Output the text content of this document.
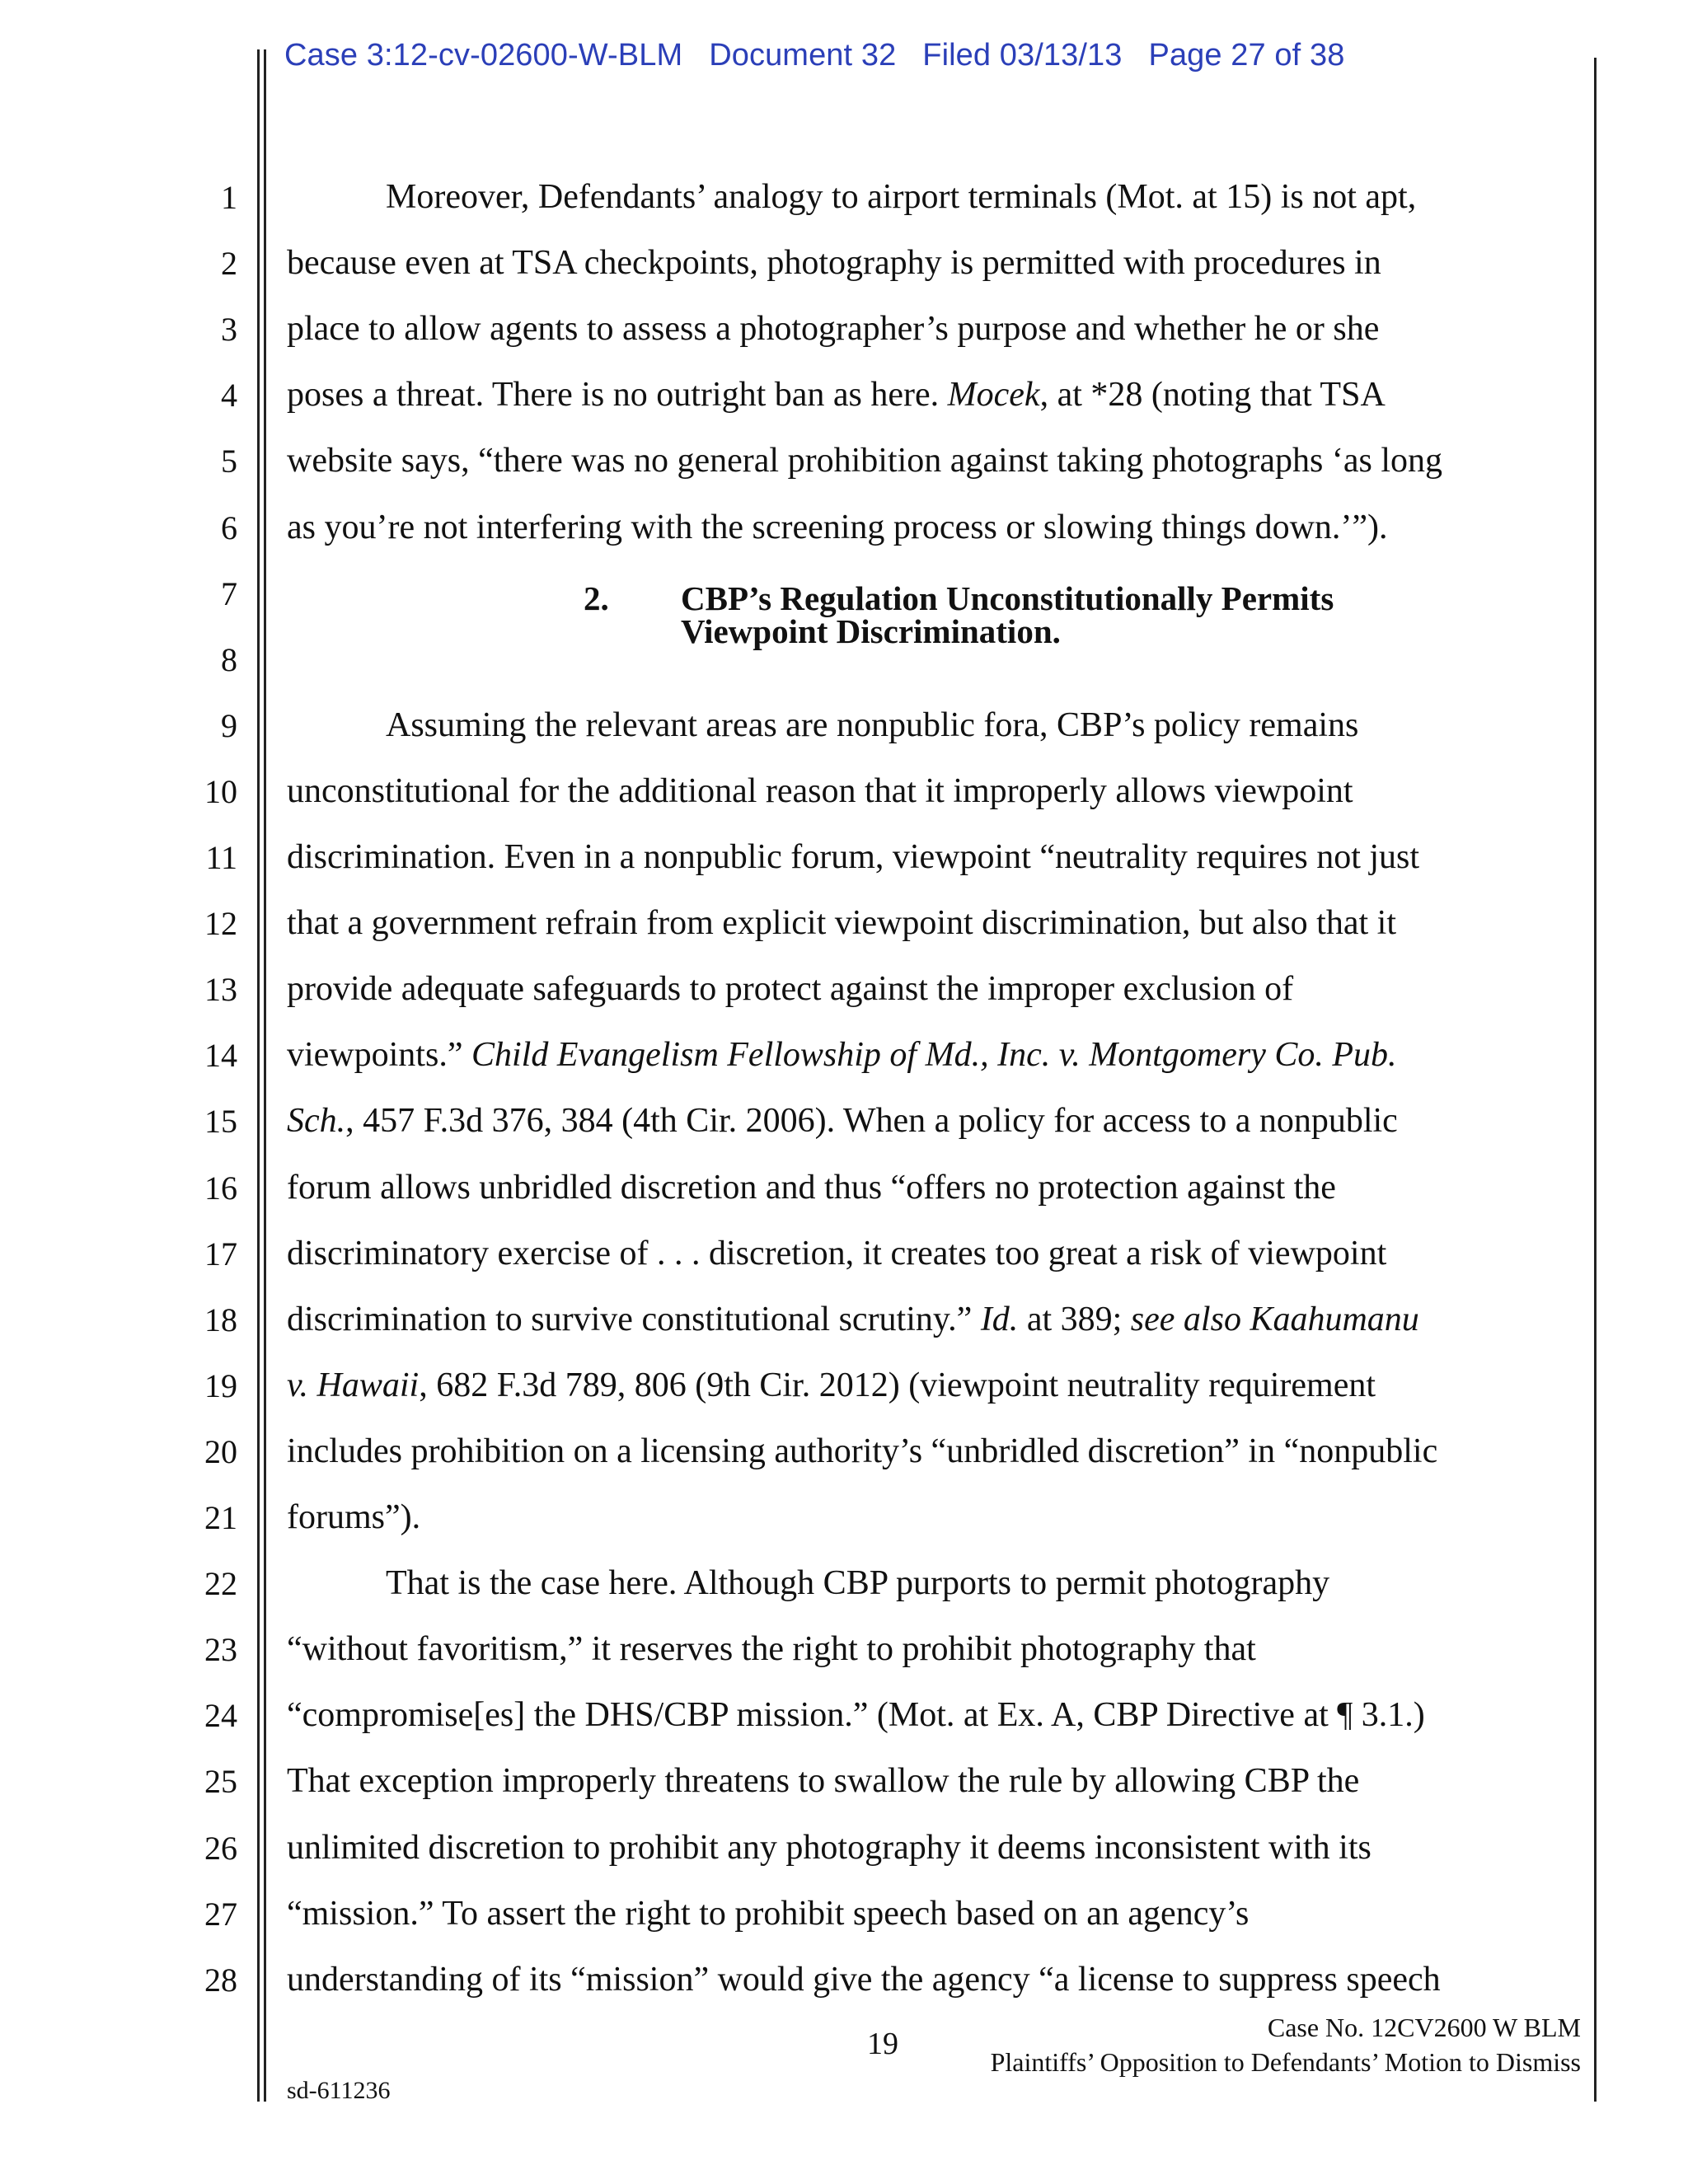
Case 3:12-cv-02600-W-BLM   Document 32   Filed 03/13/13   Page 27 of 38
1
2
3
4
5
6
7
8
9
10
11
12
13
14
15
16
17
18
19
20
21
22
23
24
25
26
27
28
Moreover, Defendants’ analogy to airport terminals (Mot. at 15) is not apt,
because even at TSA checkpoints, photography is permitted with procedures in
place to allow agents to assess a photographer’s purpose and whether he or she
poses a threat. There is no outright ban as here. Mocek, at *28 (noting that TSA
website says, “there was no general prohibition against taking photographs ‘as long
as you’re not interfering with the screening process or slowing things down.’”).
Assuming the relevant areas are nonpublic fora, CBP’s policy remains
unconstitutional for the additional reason that it improperly allows viewpoint
discrimination. Even in a nonpublic forum, viewpoint “neutrality requires not just
that a government refrain from explicit viewpoint discrimination, but also that it
provide adequate safeguards to protect against the improper exclusion of
viewpoints.” Child Evangelism Fellowship of Md., Inc. v. Montgomery Co. Pub.
Sch., 457 F.3d 376, 384 (4th Cir. 2006). When a policy for access to a nonpublic
forum allows unbridled discretion and thus “offers no protection against the
discriminatory exercise of . . . discretion, it creates too great a risk of viewpoint
discrimination to survive constitutional scrutiny.” Id. at 389; see also Kaahumanu
v. Hawaii, 682 F.3d 789, 806 (9th Cir. 2012) (viewpoint neutrality requirement
includes prohibition on a licensing authority’s “unbridled discretion” in “nonpublic
forums”).
That is the case here. Although CBP purports to permit photography
“without favoritism,” it reserves the right to prohibit photography that
“compromise[es] the DHS/CBP mission.” (Mot. at Ex. A, CBP Directive at ¶ 3.1.)
That exception improperly threatens to swallow the rule by allowing CBP the
unlimited discretion to prohibit any photography it deems inconsistent with its
“mission.” To assert the right to prohibit speech based on an agency’s
understanding of its “mission” would give the agency “a license to suppress speech
2. CBP’s Regulation Unconstitutionally Permits
Viewpoint Discrimination.
19	Case No. 12CV2600 W BLM
Plaintiffs’ Opposition to Defendants’ Motion to Dismiss
sd-611236
